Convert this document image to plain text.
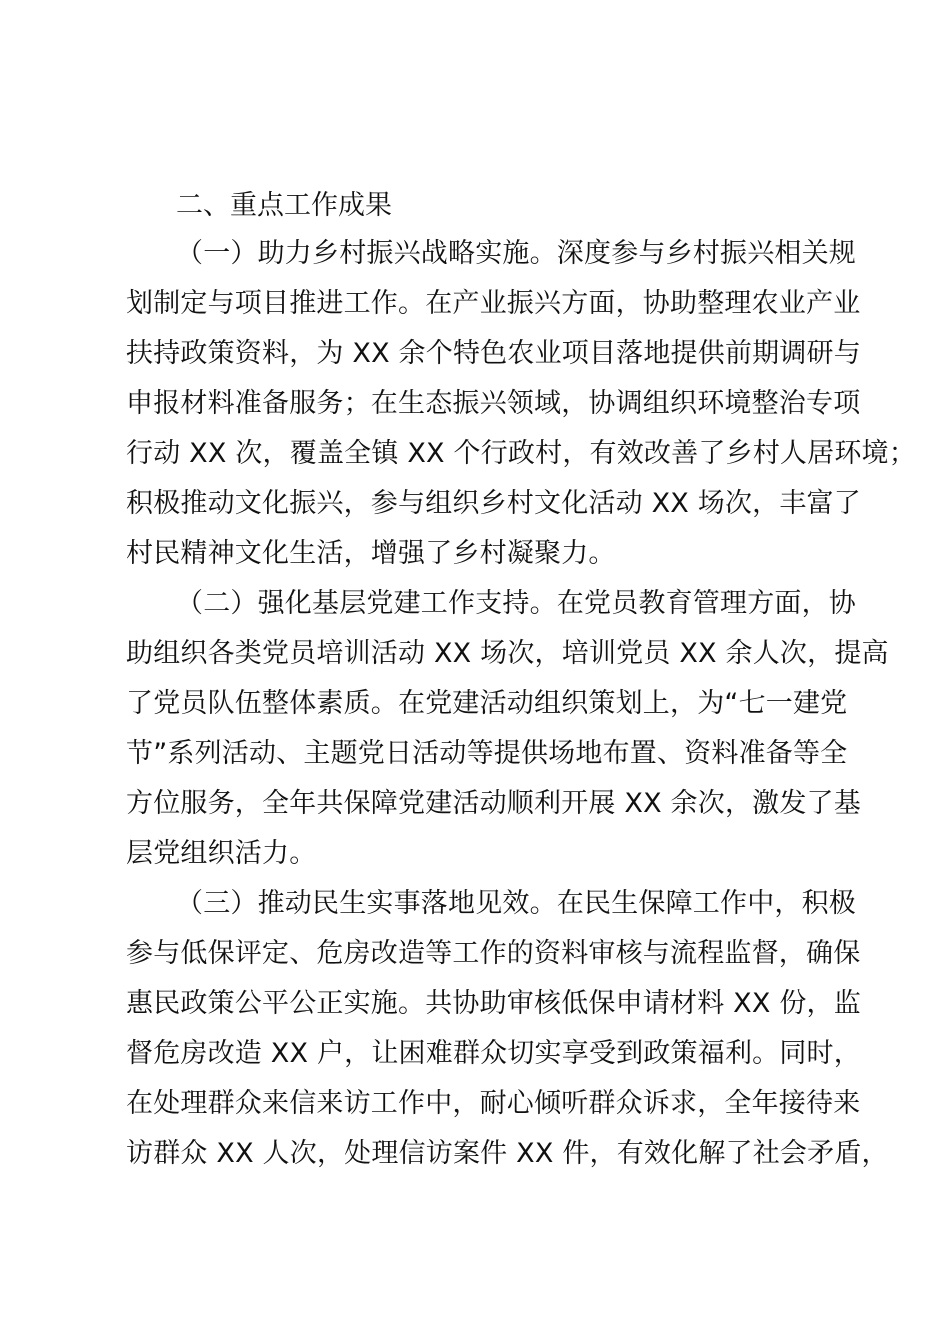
二、重点工作成果
（一）助力乡村振兴战略实施。深度参与乡村振兴相关规
划制定与项目推进工作。在产业振兴方面，协助整理农业产业
扶持政策资料，为 XX 余个特色农业项目落地提供前期调研与
申报材料准备服务；在生态振兴领域，协调组织环境整治专项
行动 XX 次，覆盖全镇 XX 个行政村，有效改善了乡村人居环境；
积极推动文化振兴，参与组织乡村文化活动 XX 场次，丰富了
村民精神文化生活，增强了乡村凝聚力。
（二）强化基层党建工作支持。在党员教育管理方面，协
助组织各类党员培训活动 XX 场次，培训党员 XX 余人次，提高
了党员队伍整体素质。在党建活动组织策划上，为“七一建党
节”系列活动、主题党日活动等提供场地布置、资料准备等全
方位服务，全年共保障党建活动顺利开展 XX 余次，激发了基
层党组织活力。
（三）推动民生实事落地见效。在民生保障工作中，积极
参与低保评定、危房改造等工作的资料审核与流程监督，确保
惠民政策公平公正实施。共协助审核低保申请材料 XX 份，监
督危房改造 XX 户，让困难群众切实享受到政策福利。同时，
在处理群众来信来访工作中，耐心倾听群众诉求，全年接待来
访群众 XX 人次，处理信访案件 XX 件，有效化解了社会矛盾，
